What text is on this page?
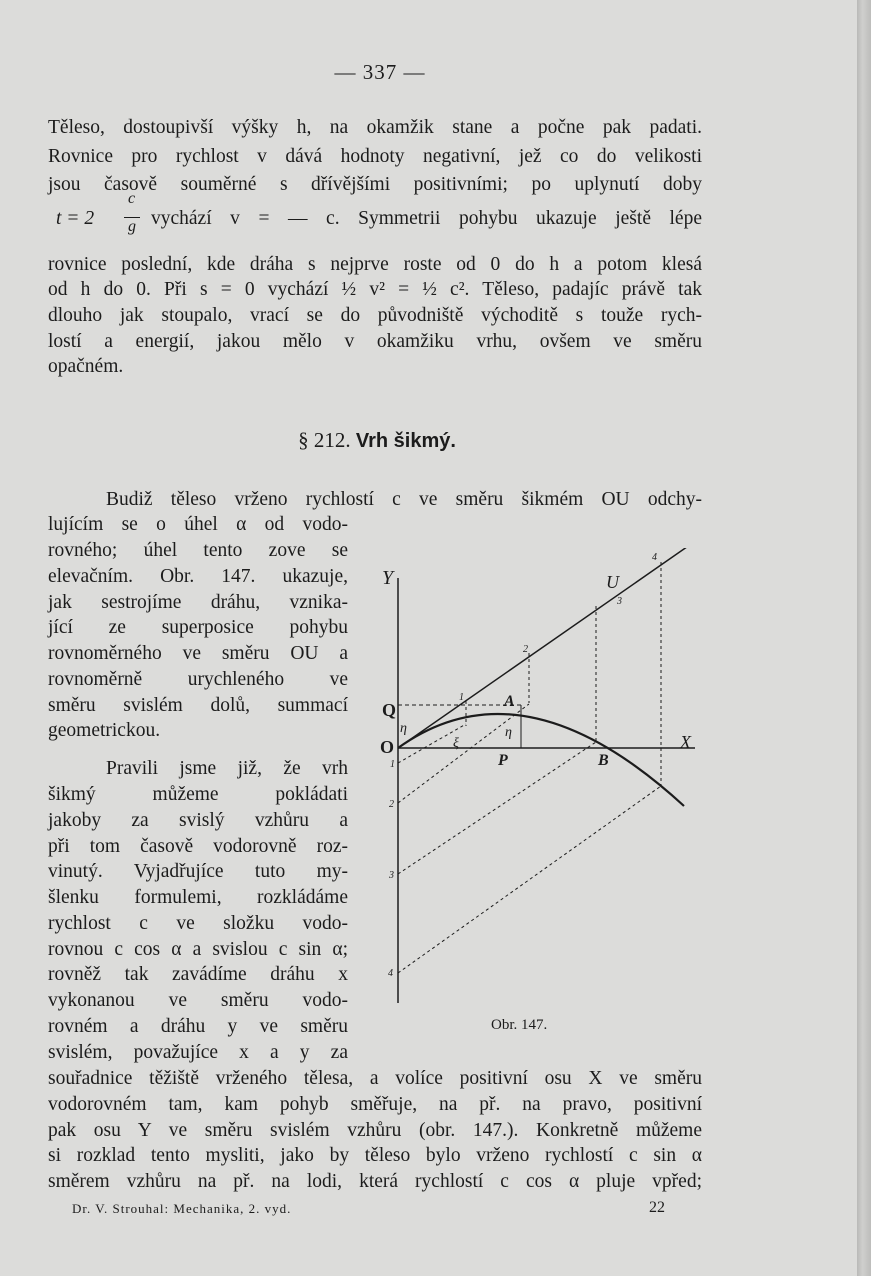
— 337 —
Těleso, dostoupivší výšky h, na okamžik stane a počne pak padati.
Rovnice pro rychlost v dává hodnoty negativní, jež co do velikosti
jsou časově souměrné s dřívějšími positivními; po uplynutí doby
t = 2
c
g vychází v = — c. Symmetrii pohybu ukazuje ještě lépe
rovnice poslední, kde dráha s nejprve roste od 0 do h a potom klesá
od h do 0. Při s = 0 vychází ½ v² = ½ c². Těleso, padajíc právě tak
dlouho jak stoupalo, vrací se do původniště východitě s touže rych-
lostí a energií, jakou mělo v okamžiku vrhu, ovšem ve směru
opačném.
§ 212. Vrh šikmý.
Budiž těleso vrženo rychlostí c ve směru šikmém OU odchy-
lujícím se o úhel α od vodo-
rovného; úhel tento zove se
elevačním. Obr. 147. ukazuje,
jak sestrojíme dráhu, vznika-
jící ze superposice pohybu
rovnoměrného ve směru OU a
rovnoměrně urychleného ve
směru svislém dolů, summací
geometrickou.
Pravili jsme již, že vrh
šikmý můžeme pokládati
jakoby za svislý vzhůru a
při tom časově vodorovně roz-
vinutý. Vyjadřujíce tuto my-
šlenku formulemi, rozkládáme
rychlost c ve složku vodo-
rovnou c cos α a svislou c sin α;
rovněž tak zavádíme dráhu x
vykonanou ve směru vodo-
rovném a dráhu y ve směru
svislém, považujíce x a y za
souřadnice těžiště vrženého tělesa, a volíce positivní osu X ve směru
vodorovném tam, kam pohyb směřuje, na př. na pravo, positivní
pak osu Y ve směru svislém vzhůru (obr. 147.). Konkretně můžeme
si rozklad tento mysliti, jako by těleso bylo vrženo rychlostí c sin α
směrem vzhůru na př. na lodi, která rychlostí c cos α pluje vpřed;
Dr. V. Strouhal: Mechanika, 2. vyd.	22
Y
X
U
Q
O
A
P	B
η
ξ
η
1
2
3
4
1
2
3
4
Obr. 147.
